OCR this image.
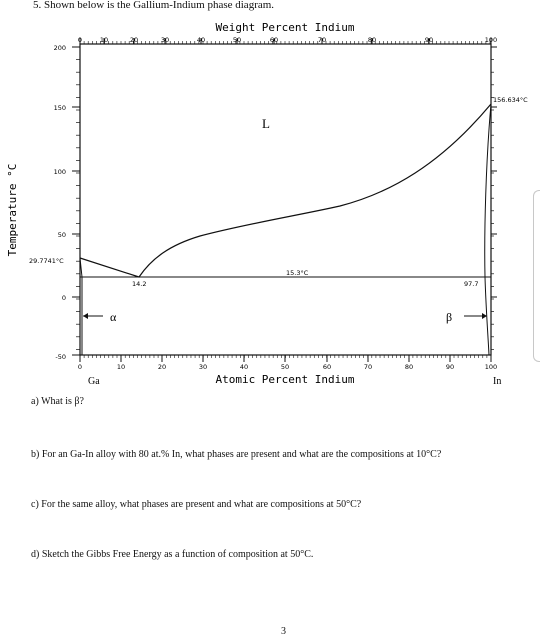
5. Shown below is the Gallium-Indium phase diagram.
Weight Percent Indium
Atomic Percent Indium
Temperature °C
200
150
100
50
0
-50
0	10	20	30	40	50	60	70	80	90	100
0	10	20	30	40	50	60	70	80	90	100
Ga	In
29.7741°C
156.634°C
15.3°C
14.2	97.7
L
α	β
a) What is β?
b) For an Ga-In alloy with 80 at.% In, what phases are present and what are the compositions at 10°C?
c) For the same alloy, what phases are present and what are compositions at 50°C?
d) Sketch the Gibbs Free Energy as a function of composition at 50°C.
3
